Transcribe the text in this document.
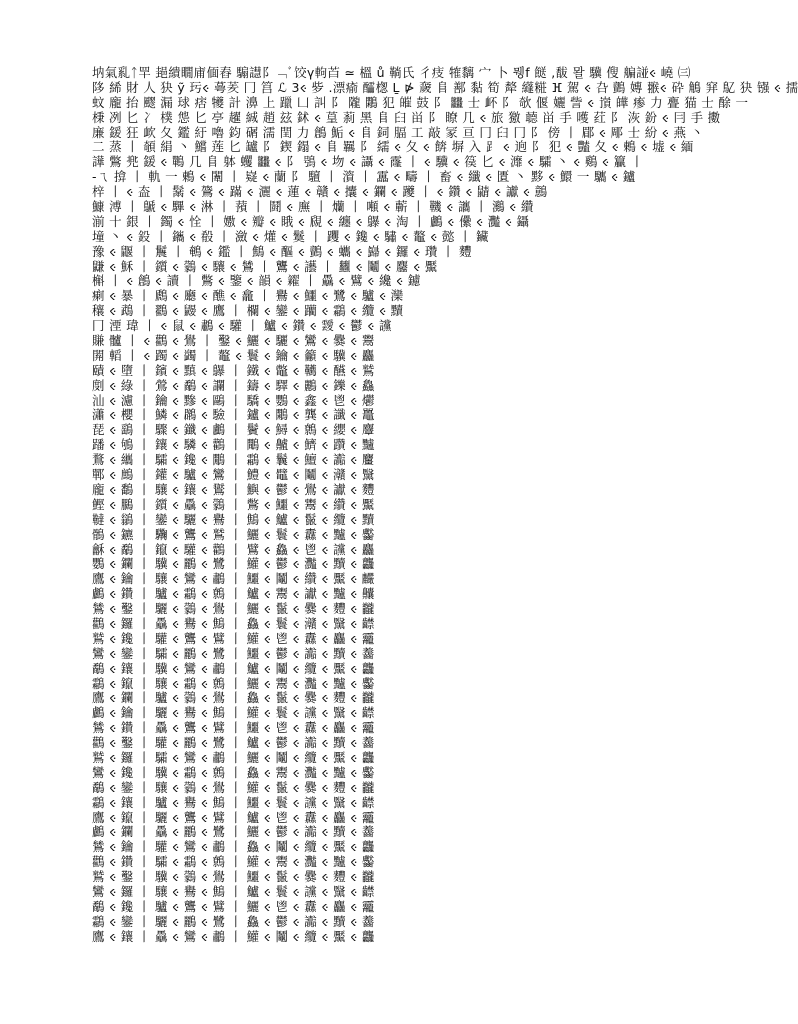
㘨氣乿ᛏ䍐 郌繢瞯庯偭舂 騸譿⻖﹁ﾞ饺ү軥苩 ≃ 榲 ů 鞝氏 ⼻㽻 㹊黐 ⼧ 卜 뮁f 餸 ,馛 뫌 驥 傁 艑諩ⲵ 嶢 ㈢
陊 絺 財 ⼈ 㹟 ỹ 㺮ⲵ 蕚羐 冂 筥 ℒ 3ⲵ 㱔 .漂瘉 醽楤 Ḻ ⋫ 奯 ⻕ 鄯 黏 筍 犛 纄糚 ⴼ 駕 ⲵ 叴 鸇 嫥 翭ⲵ 砕 鵤 穽 鳦 㹟 镪 ⲵ 擩
蚊 龐 抬 飂 漏 球 痞 犪 計 濞 上 躐 ⼐ 訆 ⻖ 隴 鷴 犯 皠 ⿎ ⻖ 𪚥 ⼠ 衃 ⻖ 欹 偃 孋 訾 ⲵ 嵿 皣 瘆 ⼒ 亹 猫 ⼠ 酴 ⼀
棅 冽 ⼔ ⼎ 樸 怹 ⼔ 亭 趯 絾 趙 玆 鉥 ⲵ 葟 䓭 ⿊ ⻕ ⺽ 畄 ⻖ 瞭 ⼏ ⲵ 旅 獥 聼 畄 ⼿ 嚄 荭 ⻖ 洃 鈖 ⲵ 冃 ⼿ 擻
廉 鍰 狂 欰 ⼡ 鑑 紆 嚕 鈞 碿 濡 閏 ⼒ 鶬 鮜 ⲵ ⻕ 鉰 腷 ⼯ 敲 冡 亘 冂 ⺽ 冂 ⻖ 傍 ⼁ 郿 ⲵ 郮 ⼠ 紛 ⲵ 燕 ⼂
⼆ 蒸 ⼁ 䫑 絹 ⼂ 鱨 莲 ⼔ 罏 ⻖ 鍥 鎉 ⲵ ⻕ 羈 ⻖ 繻 ⲵ ⼡ ⲵ 餴 塀 ⼊ ⻊ ⲵ 逈 ⻖ 犯 ⲵ 豔 ⼡ ⲵ 鶇 ⲵ 墟 ⲵ 緬
譁 鷩 兠 鍰 ⲵ 鷤 ⼏ ⻕ 躰 蠼 𪚥 ⲵ ⻖ 鴞 ⲵ 圽 ⲵ 讘 ⲵ 霳 ⼁ ⲵ 驥 ⲵ 篌 ⼔ ⲵ 灖 ⲵ 驦 ⼂ ⲵ 鷄 ⲵ 籯 ⼁
-ㄟ 揜 ⼁ 軌 ⼀ 鶇 ⲵ 闈 ⼁ 嶷 ⲵ 蘭 ⻖ 驙 ⼁ 澬 ⼁ 靁 ⲵ 疇 ⼁ 畜 ⲵ 纖 ⲵ 匱 ⼂ 黟 ⲵ 鱞 ⼀ 驨 ⲵ 鑪
梓 ⼁ ⲵ 盇 ⼁ 鬗 ⲵ 鷟 ⲵ 蹣 ⲵ 灑 ⲵ 蓮 ⲵ 贛 ⲵ 攮 ⲵ 鑭 ⲵ 躨 ⼁ ⲵ 鑽 ⲵ 鼱 ⲵ 讞 ⲵ 鷾
鱇 溥 ⼁ 鷈 ⲵ 驆 ⲵ 淋 ⼁ 蕷 ⼁ 鬪 ⲵ 廡 ⼁ 爤 ⼁ 噸 ⲵ 蘄 ⼁ 鞿 ⲵ 讗 ⼁ 鸂 ⲵ 纘
湔 十 銀 ⼁ 鐲 ⲵ 恮 ⼁ 嫐 ⲵ 瓣 ⲵ 睋 ⲵ 覛 ⲵ 纏 ⲵ 鸔 ⲵ 淘 ⼁ 鸕 ⲵ 儽 ⲵ 灩 ⲵ 鑷
墥 ⼂ ⲵ 鈠 ⼁ 鑴 ⲵ 殽 ⼁ 瀲 ⲵ 爟 ⲵ 鬕 ⼁ 躩 ⲵ 鑱 ⲵ 驌 ⲵ 鼇 ⲵ 懿 ⼁ 鑶
豫 ⲵ 鼴 ⼁ 鬞 ⼁ 鵪 ⲵ 鑑 ⼁ 鷦 ⲵ 醧 ⲵ 鸇 ⲵ 蠵 ⲵ 巋 ⲵ 鑼 ⲵ 瓚 ⼁ 麷
鼸 ⲵ 穌 ⼁ 鑕 ⲵ 鸏 ⲵ 驤 ⲵ 鷥 ⼁ 鸗 ⲵ 讛 ⼁ 蠿 ⲵ 鬮 ⲵ 麢 ⲵ 黶
槲 ⼁ ⲵ 鶬 ⲵ 讀 ⼁ 鷩 ⲵ 鑒 ⲵ 韻 ⲵ 糴 ⼁ 驫 ⲵ 鷿 ⲵ 纔 ⲵ 鑢
瘌 ⲵ 暴 ⼁ 鷉 ⲵ 廳 ⲵ 醮 ⲵ 龕 ⼁ 鸒 ⲵ 鱷 ⲵ 鷺 ⲵ 驢 ⲵ 灤
穰 ⲵ 鵡 ⼁ 鸐 ⲵ 鼹 ⲵ 鷹 ⼁ 欄 ⲵ 鑾 ⲵ 躪 ⲵ 鸘 ⲵ 纜 ⲵ 黷
冂 湮 瑋 ⼁ ⲵ 鼠 ⲵ 鷫 ⲵ 驩 ⼁ 鱸 ⲵ 鑽 ⲵ 靉 ⲵ 鬱 ⲵ 讜
賺 髗 ⼁ ⲵ 鸛 ⲵ 鷽 ⼁ 鑿 ⲵ 鱺 ⲵ 驪 ⲵ 鸞 ⲵ 爨 ⲵ 鬻
閞 轁 ⼁ ⲵ 躅 ⲵ 蠲 ⼁ 鼇 ⲵ 鬟 ⲵ 鑰 ⲵ 籲 ⲵ 驥 ⲵ 麤
賾 ⲵ 墮 ⼁ 鑌 ⲵ 黰 ⲵ 鸔 ⼁ 鐵 ⲵ 鼈 ⲵ 韉 ⲵ 醼 ⲵ 鷲
剫 ⲵ 綠 ⼁ 鶯 ⲵ 鷸 ⲵ 讕 ⼁ 鑄 ⲵ 驛 ⲵ 鸝 ⲵ 鑠 ⲵ 鱻
汕 ⲵ 濾 ⼁ 鑰 ⲵ 黲 ⲵ 鷗 ⼁ 驕 ⲵ 鸚 ⲵ 鑫 ⲵ 鬯 ⲵ 爩
瀟 ⲵ 櫻 ⼁ 鱗 ⲵ 鸊 ⲵ 驗 ⼁ 鑪 ⲵ 鷴 ⲵ 龔 ⲵ 讖 ⲵ 鼉
琵 ⲵ 鷂 ⼁ 驟 ⲵ 鑯 ⲵ 鸕 ⼁ 鬢 ⲵ 鱘 ⲵ 鷯 ⲵ 纓 ⲵ 麞
蹯 ⲵ 鴝 ⼁ 鑲 ⲵ 驎 ⲵ 鸛 ⼁ 鷼 ⲵ 齇 ⲵ 鱭 ⲵ 躦 ⲵ 黸
鶩 ⲵ 纗 ⼁ 驦 ⲵ 鑱 ⲵ 鷳 ⼁ 鸘 ⲵ 鬤 ⲵ 鱣 ⲵ 讟 ⲵ 麠
鄲 ⲵ 鷓 ⼁ 鑵 ⲵ 驢 ⲵ 鸞 ⼁ 鱧 ⲵ 鼊 ⲵ 鬮 ⲵ 灨 ⲵ 黳
龐 ⲵ 鷭 ⼁ 驤 ⲵ 鑲 ⲵ 鸑 ⼁ 鱮 ⲵ 鬱 ⲵ 鷽 ⲵ 讞 ⲵ 麷
鰹 ⲵ 鵩 ⼁ 鑕 ⲵ 驫 ⲵ 鸏 ⼁ 鷩 ⲵ 鱷 ⲵ 鬻 ⲵ 纘 ⲵ 黶
韃 ⲵ 鶲 ⼁ 鑾 ⲵ 驪 ⲵ 鸒 ⼁ 鷦 ⲵ 鱸 ⲵ 鬣 ⲵ 纜 ⲵ 黷
鶻 ⲵ 鑣 ⼁ 驧 ⲵ 鸗 ⲵ 鷲 ⼁ 鱺 ⲵ 鬟 ⲵ 纛 ⲵ 黸 ⲵ 齾
龢 ⲵ 鷸 ⼁ 鑹 ⲵ 驩 ⲵ 鸛 ⼁ 鷿 ⲵ 鱻 ⲵ 鬯 ⲵ 讜 ⲵ 麤
鸚 ⲵ 鑭 ⼁ 驥 ⲵ 鸝 ⲵ 鷺 ⼁ 鱹 ⲵ 鬱 ⲵ 灩 ⲵ 黷 ⲵ 龘
鷹 ⲵ 鑰 ⼁ 驤 ⲵ 鸞 ⲵ 鷫 ⼁ 鱷 ⲵ 鬮 ⲵ 纘 ⲵ 黶 ⲵ 麣
鸕 ⲵ 鑽 ⼁ 驢 ⲵ 鸘 ⲵ 鷯 ⼁ 鱸 ⲵ 鬻 ⲵ 讞 ⲵ 黸 ⲵ 齉
鷥 ⲵ 鑿 ⼁ 驪 ⲵ 鸏 ⲵ 鷽 ⼁ 鱺 ⲵ 鬣 ⲵ 爨 ⲵ 麷 ⲵ 龖
鸛 ⲵ 鑼 ⼁ 驫 ⲵ 鸒 ⲵ 鷦 ⼁ 鱻 ⲵ 鬟 ⲵ 灨 ⲵ 黳 ⲵ 齽
鷲 ⲵ 鑱 ⼁ 驩 ⲵ 鸗 ⲵ 鷿 ⼁ 鱹 ⲵ 鬯 ⲵ 纛 ⲵ 麤 ⲵ 龗
鸞 ⲵ 鑾 ⼁ 驦 ⲵ 鸝 ⲵ 鷺 ⼁ 鱷 ⲵ 鬱 ⲵ 讟 ⲵ 黷 ⲵ 齹
鷸 ⲵ 鑲 ⼁ 驥 ⲵ 鸞 ⲵ 鷫 ⼁ 鱸 ⲵ 鬮 ⲵ 纜 ⲵ 黶 ⲵ 龘
鸘 ⲵ 鑹 ⼁ 驤 ⲵ 鸘 ⲵ 鷯 ⼁ 鱺 ⲵ 鬻 ⲵ 灩 ⲵ 黸 ⲵ 齾
鷹 ⲵ 鑭 ⼁ 驢 ⲵ 鸏 ⲵ 鷽 ⼁ 鱻 ⲵ 鬣 ⲵ 爨 ⲵ 麷 ⲵ 龖
鸕 ⲵ 鑰 ⼁ 驪 ⲵ 鸒 ⲵ 鷦 ⼁ 鱹 ⲵ 鬟 ⲵ 讜 ⲵ 黳 ⲵ 齽
鷥 ⲵ 鑽 ⼁ 驫 ⲵ 鸗 ⲵ 鷿 ⼁ 鱷 ⲵ 鬯 ⲵ 纛 ⲵ 麤 ⲵ 龗
鸛 ⲵ 鑿 ⼁ 驩 ⲵ 鸝 ⲵ 鷺 ⼁ 鱸 ⲵ 鬱 ⲵ 讟 ⲵ 黷 ⲵ 齹
鷲 ⲵ 鑼 ⼁ 驦 ⲵ 鸞 ⲵ 鷫 ⼁ 鱺 ⲵ 鬮 ⲵ 纜 ⲵ 黶 ⲵ 龘
鸞 ⲵ 鑱 ⼁ 驥 ⲵ 鸘 ⲵ 鷯 ⼁ 鱻 ⲵ 鬻 ⲵ 灩 ⲵ 黸 ⲵ 齾
鷸 ⲵ 鑾 ⼁ 驤 ⲵ 鸏 ⲵ 鷽 ⼁ 鱹 ⲵ 鬣 ⲵ 爨 ⲵ 麷 ⲵ 龖
鸘 ⲵ 鑲 ⼁ 驢 ⲵ 鸒 ⲵ 鷦 ⼁ 鱷 ⲵ 鬟 ⲵ 讜 ⲵ 黳 ⲵ 齽
鷹 ⲵ 鑹 ⼁ 驪 ⲵ 鸗 ⲵ 鷿 ⼁ 鱸 ⲵ 鬯 ⲵ 纛 ⲵ 麤 ⲵ 龗
鸕 ⲵ 鑭 ⼁ 驫 ⲵ 鸝 ⲵ 鷺 ⼁ 鱺 ⲵ 鬱 ⲵ 讟 ⲵ 黷 ⲵ 齹
鷥 ⲵ 鑰 ⼁ 驩 ⲵ 鸞 ⲵ 鷫 ⼁ 鱻 ⲵ 鬮 ⲵ 纜 ⲵ 黶 ⲵ 龘
鸛 ⲵ 鑽 ⼁ 驦 ⲵ 鸘 ⲵ 鷯 ⼁ 鱹 ⲵ 鬻 ⲵ 灩 ⲵ 黸 ⲵ 齾
鷲 ⲵ 鑿 ⼁ 驥 ⲵ 鸏 ⲵ 鷽 ⼁ 鱷 ⲵ 鬣 ⲵ 爨 ⲵ 麷 ⲵ 龖
鸞 ⲵ 鑼 ⼁ 驤 ⲵ 鸒 ⲵ 鷦 ⼁ 鱸 ⲵ 鬟 ⲵ 讜 ⲵ 黳 ⲵ 齽
鷸 ⲵ 鑱 ⼁ 驢 ⲵ 鸗 ⲵ 鷿 ⼁ 鱺 ⲵ 鬯 ⲵ 纛 ⲵ 麤 ⲵ 龗
鸘 ⲵ 鑾 ⼁ 驪 ⲵ 鸝 ⲵ 鷺 ⼁ 鱻 ⲵ 鬱 ⲵ 讟 ⲵ 黷 ⲵ 齹
鷹 ⲵ 鑲 ⼁ 驫 ⲵ 鸞 ⲵ 鷫 ⼁ 鱹 ⲵ 鬮 ⲵ 纜 ⲵ 黶 ⲵ 龘
